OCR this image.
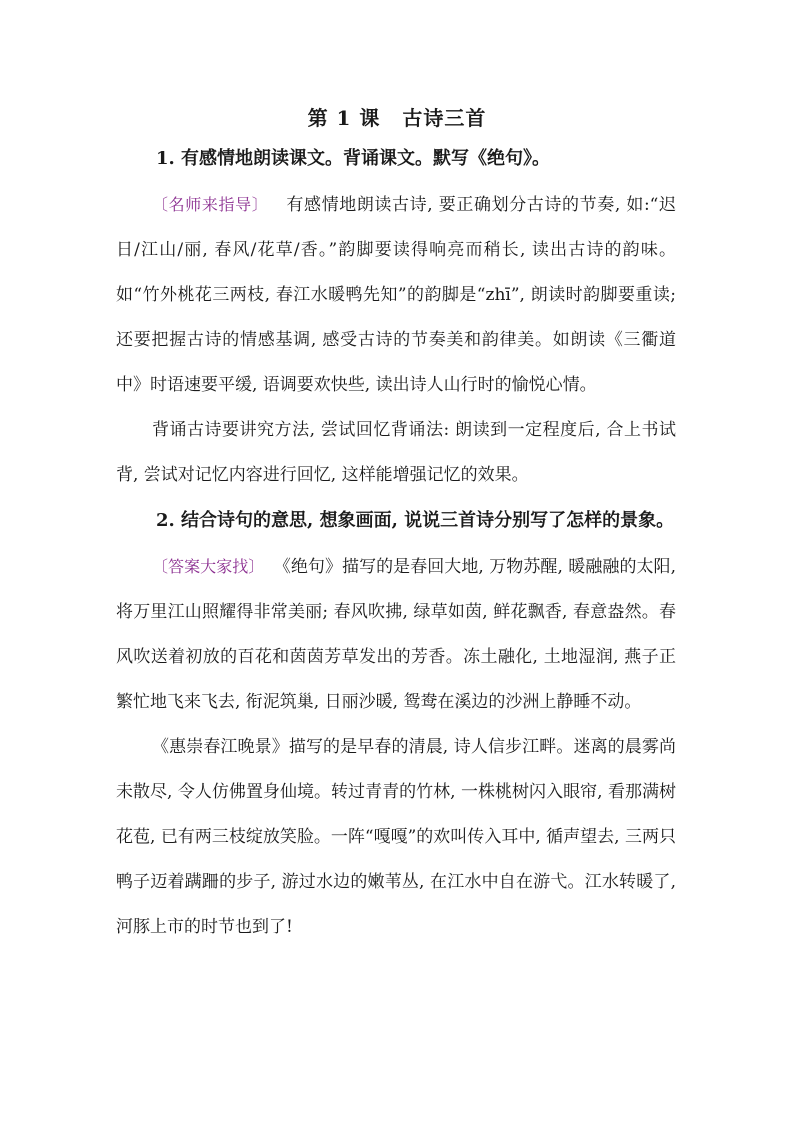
第 1 课 古诗三首

1. 有感情地朗读课文。背诵课文。默写《绝句》。

〔名师来指导〕 有感情地朗读古诗, 要正确划分古诗的节奏, 如:“迟日/江山/丽, 春风/花草/香。”韵脚要读得响亮而稍长, 读出古诗的韵味。如“竹外桃花三两枝, 春江水暖鸭先知”的韵脚是“zhī”, 朗读时韵脚要重读; 还要把握古诗的情感基调, 感受古诗的节奏美和韵律美。如朗读《三衢道中》时语速要平缓, 语调要欢快些, 读出诗人山行时的愉悦心情。

背诵古诗要讲究方法, 尝试回忆背诵法: 朗读到一定程度后, 合上书试背, 尝试对记忆内容进行回忆, 这样能增强记忆的效果。

2. 结合诗句的意思, 想象画面, 说说三首诗分别写了怎样的景象。

〔答案大家找〕 《绝句》描写的是春回大地, 万物苏醒, 暖融融的太阳, 将万里江山照耀得非常美丽; 春风吹拂, 绿草如茵, 鲜花飘香, 春意盎然。春风吹送着初放的百花和茵茵芳草发出的芳香。冻土融化, 土地湿润, 燕子正繁忙地飞来飞去, 衔泥筑巢, 日丽沙暖, 鸳鸯在溪边的沙洲上静睡不动。

《惠崇春江晚景》描写的是早春的清晨, 诗人信步江畔。迷离的晨雾尚未散尽, 令人仿佛置身仙境。转过青青的竹林, 一株桃树闪入眼帘, 看那满树花苞, 已有两三枝绽放笑脸。一阵“嘎嘎”的欢叫传入耳中, 循声望去, 三两只鸭子迈着蹒跚的步子, 游过水边的嫩苇丛, 在江水中自在游弋。江水转暖了, 河豚上市的时节也到了!
